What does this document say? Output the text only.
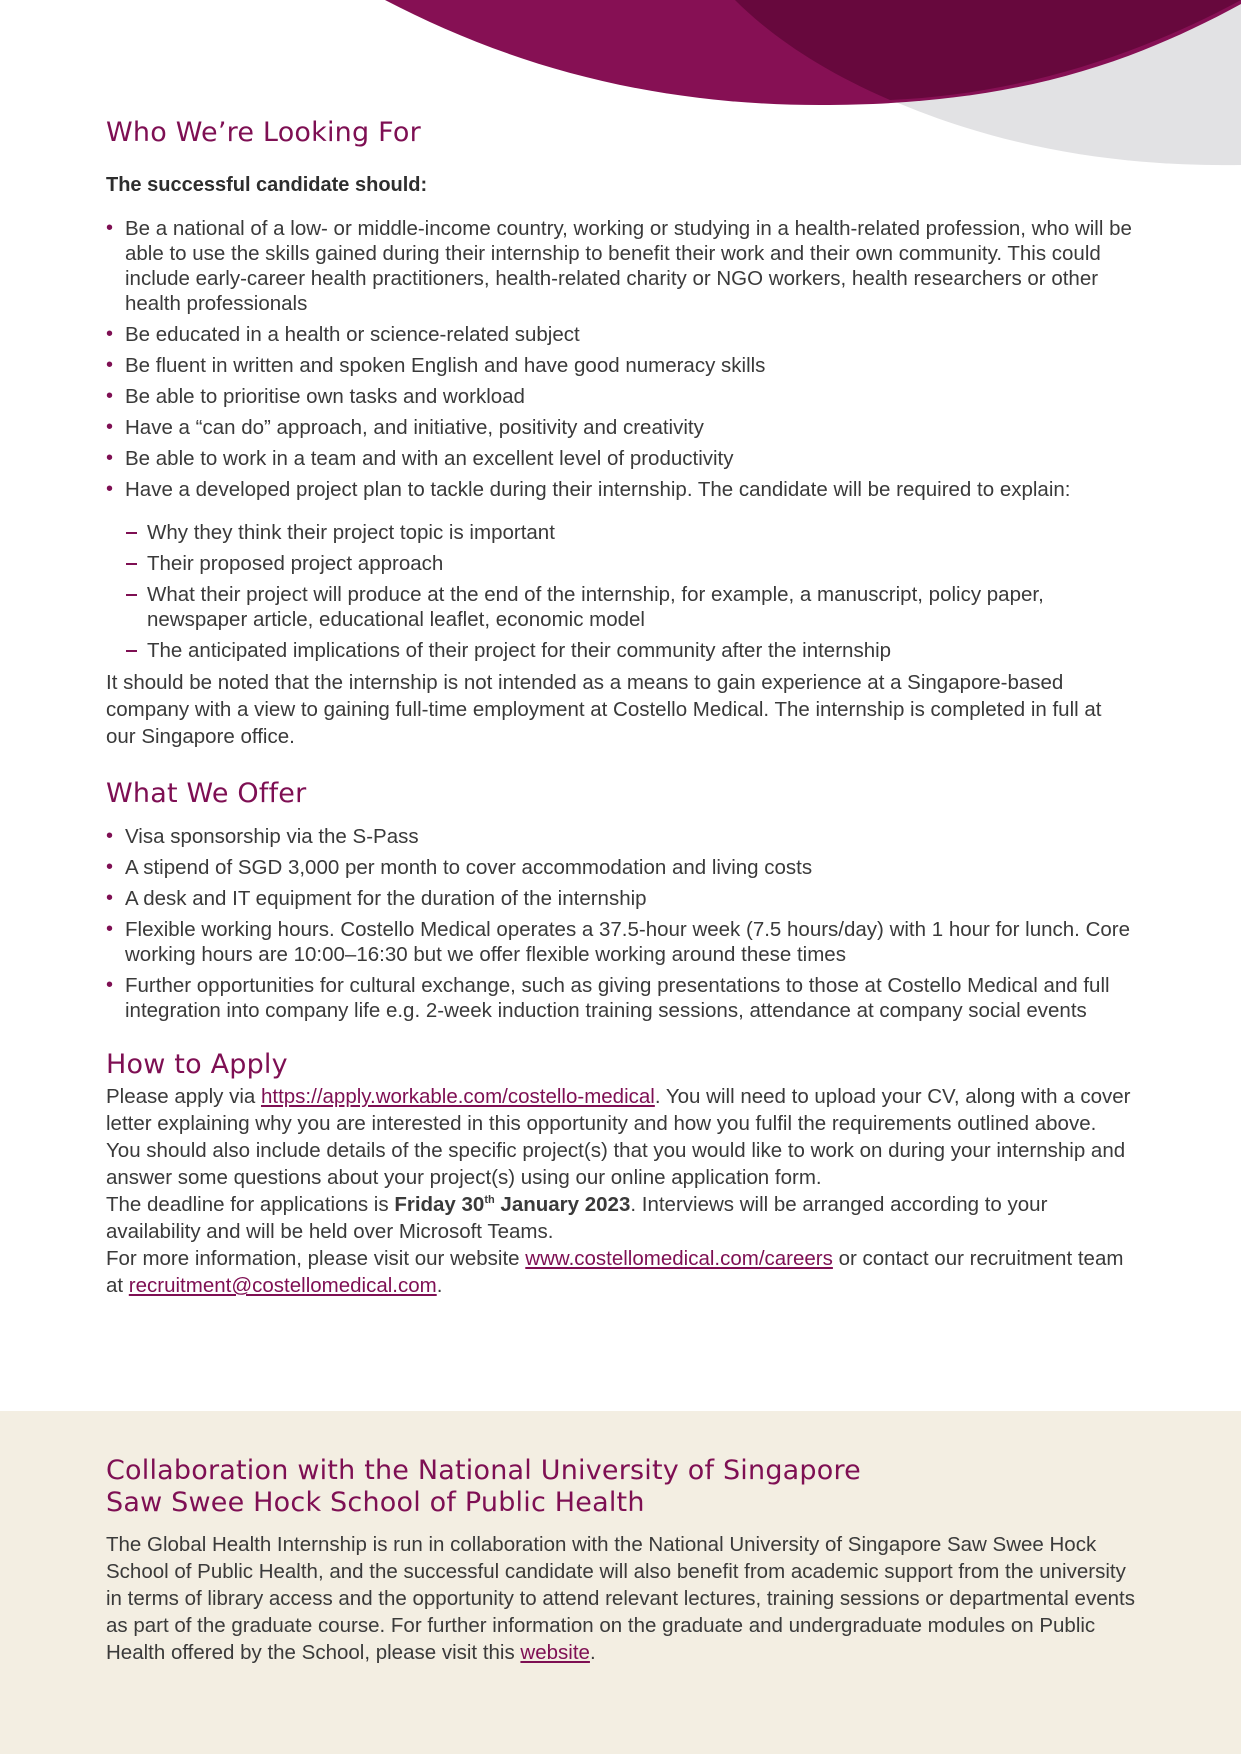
Who We’re Looking For
The successful candidate should:
• Be a national of a low- or middle-income country, working or studying in a health-related profession, who will be able to use the skills gained during their internship to benefit their work and their own community. This could include early-career health practitioners, health-related charity or NGO workers, health researchers or other health professionals
• Be educated in a health or science-related subject
• Be fluent in written and spoken English and have good numeracy skills
• Be able to prioritise own tasks and workload
• Have a “can do” approach, and initiative, positivity and creativity
• Be able to work in a team and with an excellent level of productivity
• Have a developed project plan to tackle during their internship. The candidate will be required to explain:
Why they think their project topic is important
Their proposed project approach
What their project will produce at the end of the internship, for example, a manuscript, policy paper, newspaper article, educational leaflet, economic model
The anticipated implications of their project for their community after the internship

It should be noted that the internship is not intended as a means to gain experience at a Singapore-based company with a view to gaining full-time employment at Costello Medical. The internship is completed in full at our Singapore office.

What We Offer
• Visa sponsorship via the S-Pass
• A stipend of SGD 3,000 per month to cover accommodation and living costs
• A desk and IT equipment for the duration of the internship
• Flexible working hours. Costello Medical operates a 37.5-hour week (7.5 hours/day) with 1 hour for lunch. Core working hours are 10:00–16:30 but we offer flexible working around these times
• Further opportunities for cultural exchange, such as giving presentations to those at Costello Medical and full integration into company life e.g. 2-week induction training sessions, attendance at company social events
How to Apply

Please apply via https://apply.workable.com/costello-medical. You will need to upload your CV, along with a cover letter explaining why you are interested in this opportunity and how you fulfil the requirements outlined above. You should also include details of the specific project(s) that you would like to work on during your internship and answer some questions about your project(s) using our online application form.

The deadline for applications is Friday 30th January 2023. Interviews will be arranged according to your availability and will be held over Microsoft Teams.

For more information, please visit our website www.costellomedical.com/careers or contact our recruitment team at recruitment@costellomedical.com.

Collaboration with the National University of Singapore
Saw Swee Hock School of Public Health

The Global Health Internship is run in collaboration with the National University of Singapore Saw Swee Hock School of Public Health, and the successful candidate will also benefit from academic support from the university in terms of library access and the opportunity to attend relevant lectures, training sessions or departmental events as part of the graduate course. For further information on the graduate and undergraduate modules on Public Health offered by the School, please visit this website.
